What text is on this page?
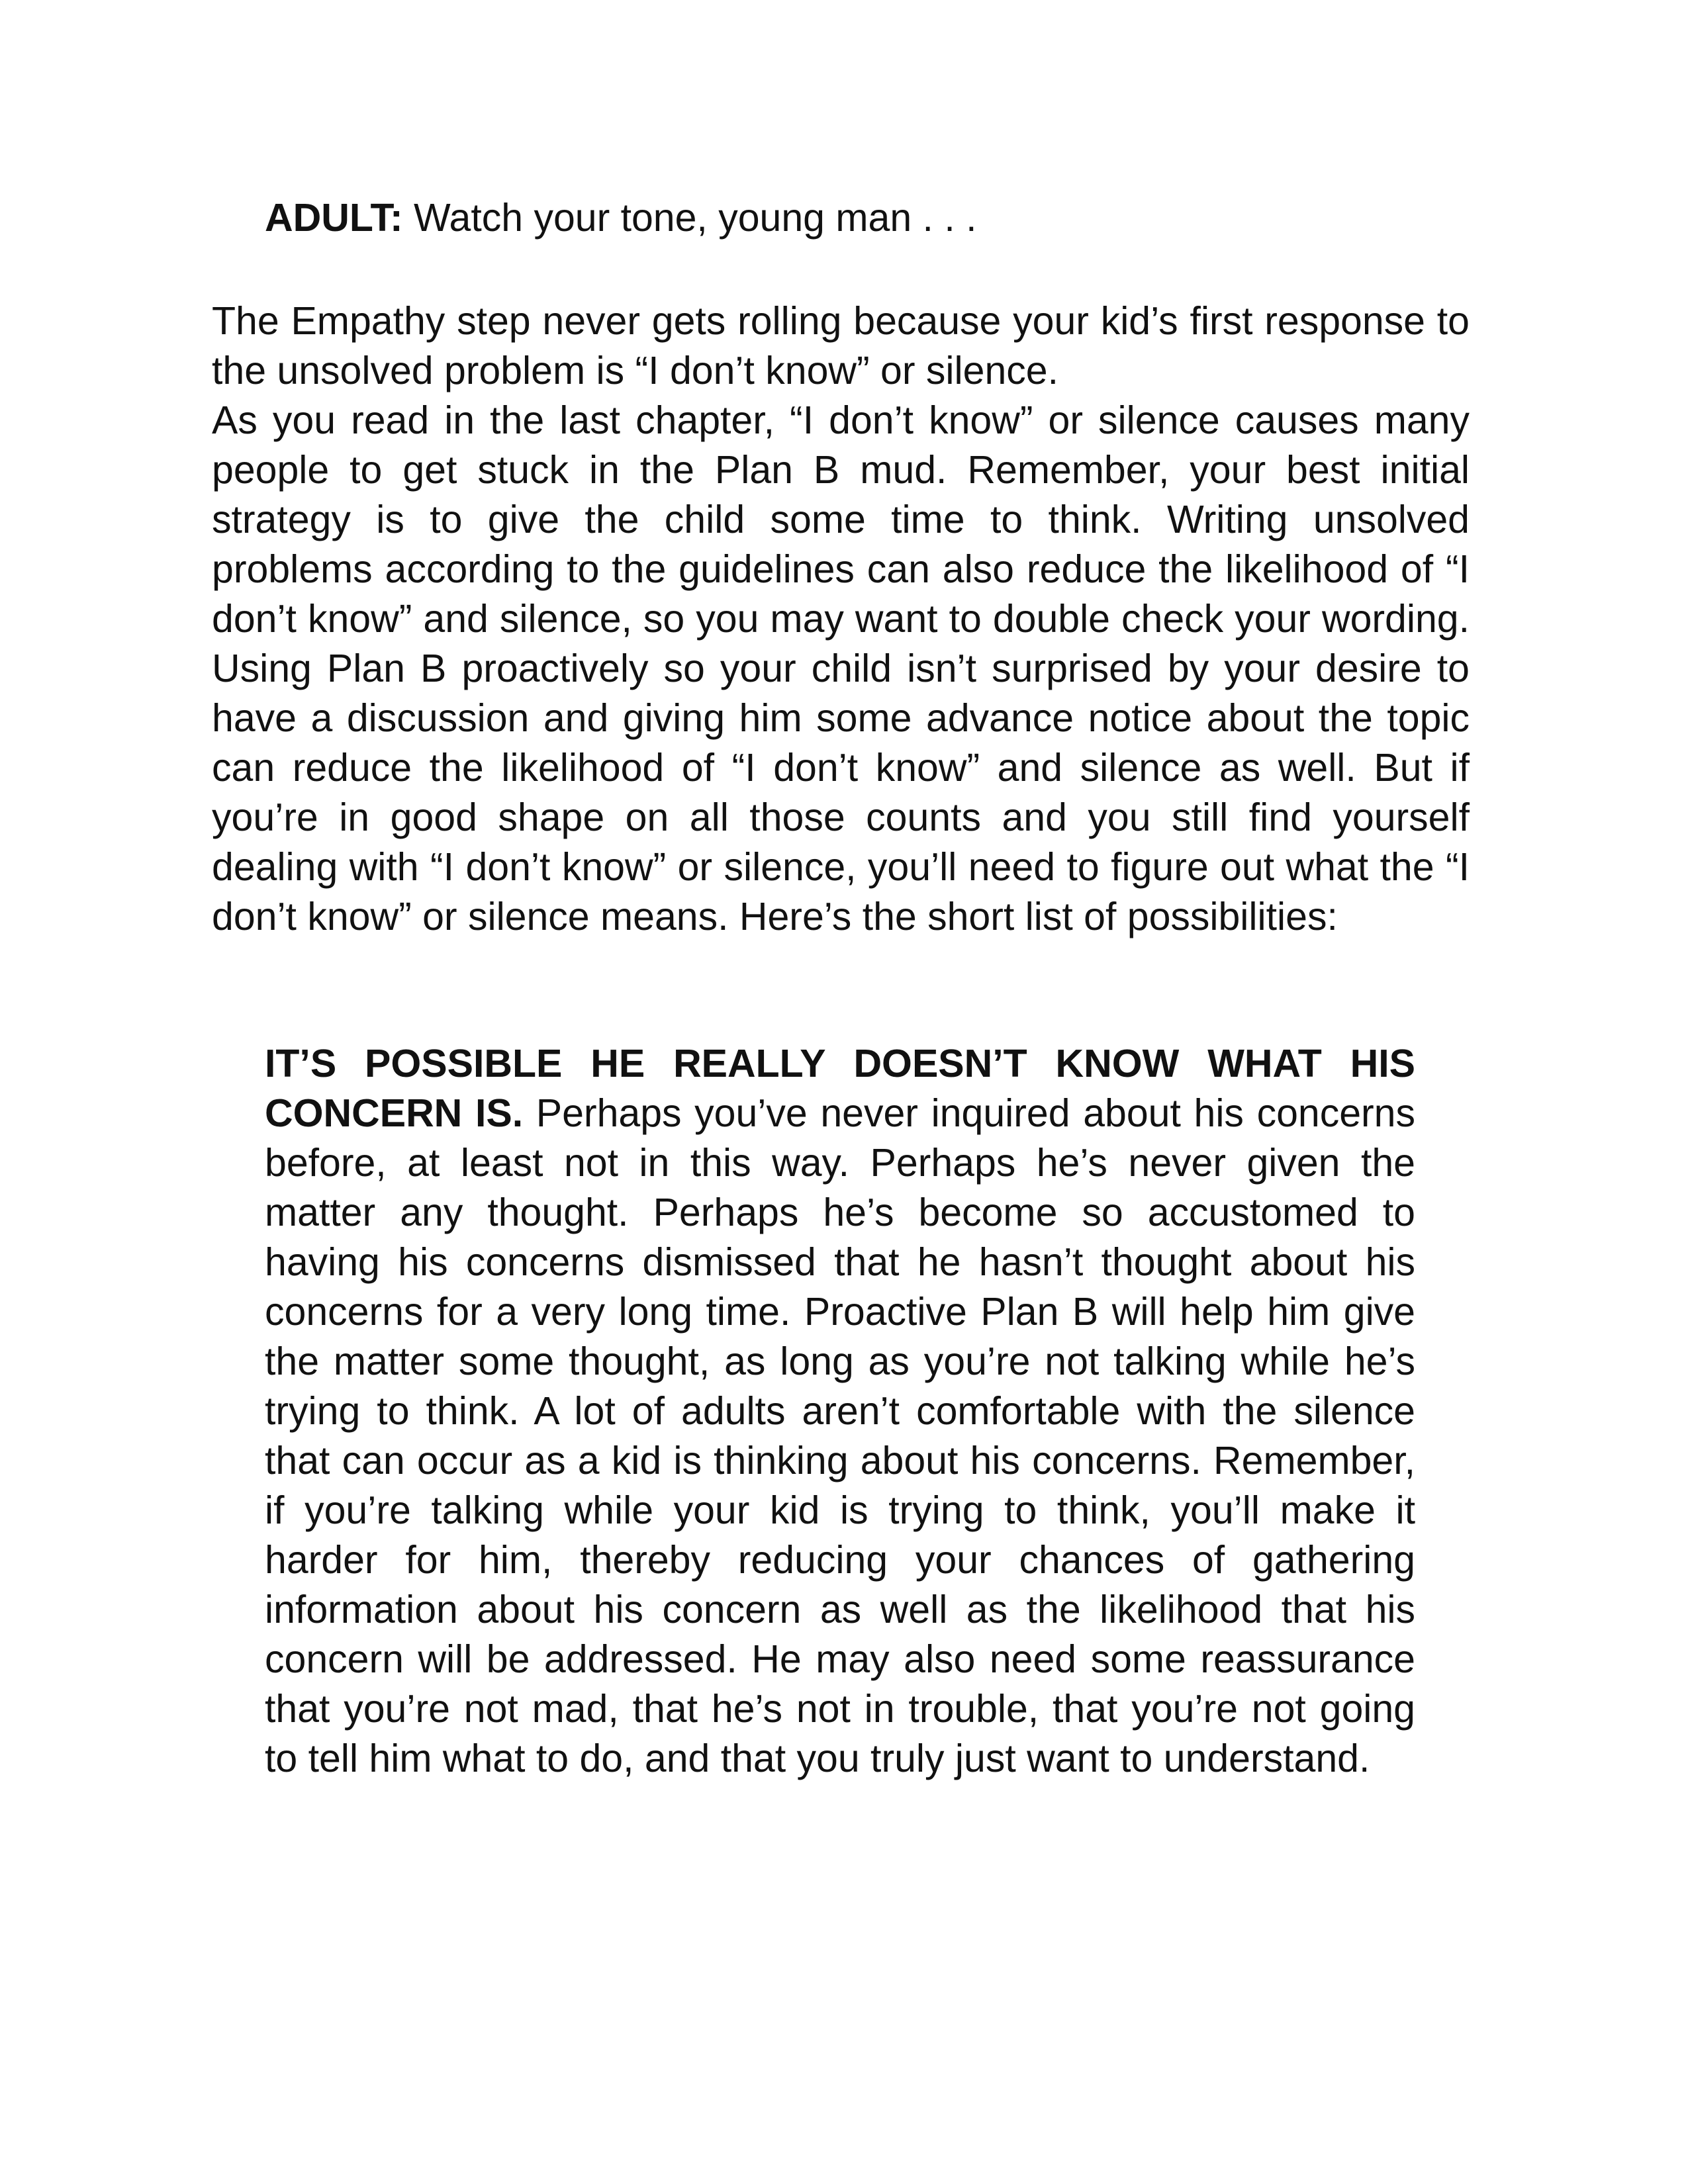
ADULT: Watch your tone, young man . . .

The Empathy step never gets rolling because your kid’s first response to the unsolved problem is “I don’t know” or silence.

As you read in the last chapter, “I don’t know” or silence causes many people to get stuck in the Plan B mud. Remember, your best initial strategy is to give the child some time to think. Writing unsolved problems according to the guidelines can also reduce the likelihood of “I don’t know” and silence, so you may want to double check your wording. Using Plan B proactively so your child isn’t surprised by your desire to have a discussion and giving him some advance notice about the topic can reduce the likelihood of “I don’t know” and silence as well. But if you’re in good shape on all those counts and you still find yourself dealing with “I don’t know” or silence, you’ll need to figure out what the “I don’t know” or silence means. Here’s the short list of possibilities:

IT’S POSSIBLE HE REALLY DOESN’T KNOW WHAT HIS CONCERN IS. Perhaps you’ve never inquired about his concerns before, at least not in this way. Perhaps he’s never given the matter any thought. Perhaps he’s become so accustomed to having his concerns dismissed that he hasn’t thought about his concerns for a very long time. Proactive Plan B will help him give the matter some thought, as long as you’re not talking while he’s trying to think. A lot of adults aren’t comfortable with the silence that can occur as a kid is thinking about his concerns. Remember, if you’re talking while your kid is trying to think, you’ll make it harder for him, thereby reducing your chances of gathering information about his concern as well as the likelihood that his concern will be addressed. He may also need some reassurance that you’re not mad, that he’s not in trouble, that you’re not going to tell him what to do, and that you truly just want to understand.
